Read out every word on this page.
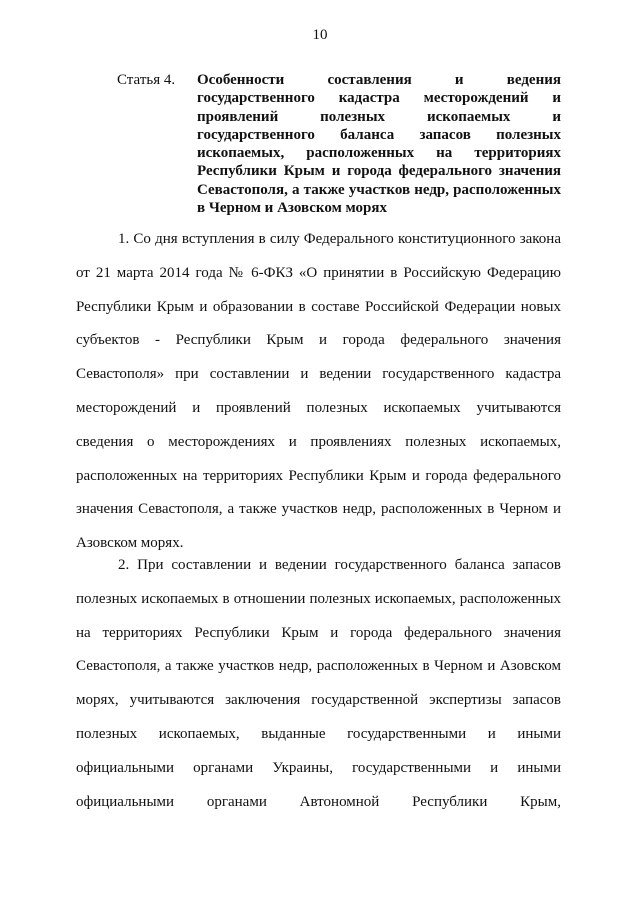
10
Статья 4. Особенности составления и ведения
государственного кадастра месторождений и
проявлений полезных ископаемых и
государственного баланса запасов полезных
ископаемых, расположенных на территориях
Республики Крым и города федерального значения
Севастополя, а также участков недр, расположенных
в Черном и Азовском морях

1. Со дня вступления в силу Федерального конституционного закона
от 21 марта 2014 года № 6-ФКЗ «О принятии в Российскую Федерацию
Республики Крым и образовании в составе Российской Федерации новых
субъектов - Республики Крым и города федерального значения
Севастополя» при составлении и ведении государственного кадастра
месторождений и проявлений полезных ископаемых учитываются
сведения о месторождениях и проявлениях полезных ископаемых,
расположенных на территориях Республики Крым и города федерального
значения Севастополя, а также участков недр, расположенных в Черном и
Азовском морях.

2. При составлении и ведении государственного баланса запасов
полезных ископаемых в отношении полезных ископаемых, расположенных
на территориях Республики Крым и города федерального значения
Севастополя, а также участков недр, расположенных в Черном и Азовском
морях, учитываются заключения государственной экспертизы запасов
полезных ископаемых, выданные государственными и иными
официальными органами Украины, государственными и иными
официальными органами Автономной Республики Крым,
